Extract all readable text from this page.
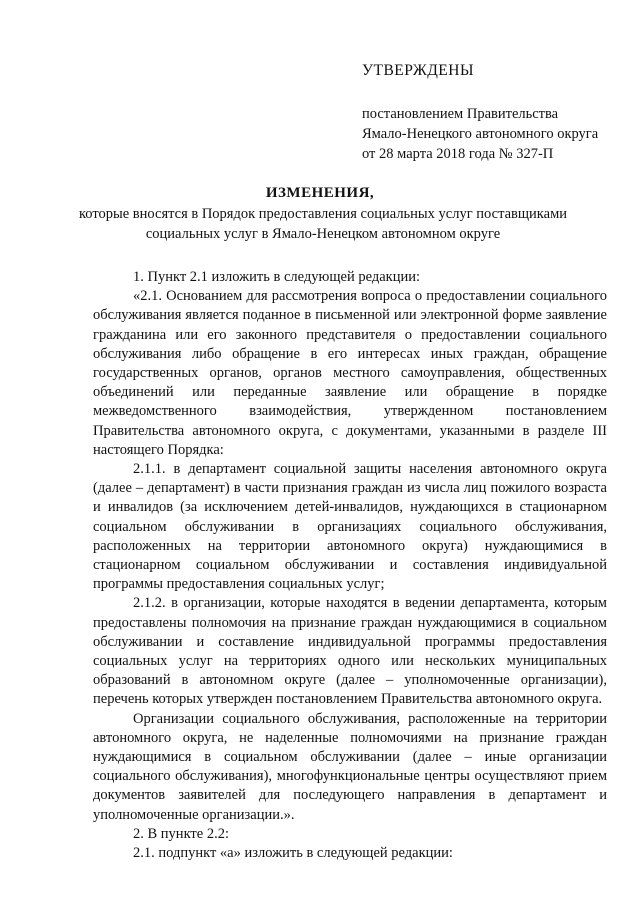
УТВЕРЖДЕНЫ
постановлением Правительства
Ямало-Ненецкого автономного округа
от 28 марта 2018 года № 327-П
ИЗМЕНЕНИЯ,
которые вносятся в Порядок предоставления социальных услуг поставщиками социальных услуг в Ямало-Ненецком автономном округе

1. Пункт 2.1 изложить в следующей редакции:

«2.1. Основанием для рассмотрения вопроса о предоставлении социального обслуживания является поданное в письменной или электронной форме заявление гражданина или его законного представителя о предоставлении социального обслуживания либо обращение в его интересах иных граждан, обращение государственных органов, органов местного самоуправления, общественных объединений или переданные заявление или обращение в порядке межведомственного взаимодействия, утвержденном постановлением Правительства автономного округа, с документами, указанными в разделе III настоящего Порядка:

2.1.1. в департамент социальной защиты населения автономного округа (далее – департамент) в части признания граждан из числа лиц пожилого возраста и инвалидов (за исключением детей-инвалидов, нуждающихся в стационарном социальном обслуживании в организациях социального обслуживания, расположенных на территории автономного округа) нуждающимися в стационарном социальном обслуживании и составления индивидуальной программы предоставления социальных услуг;

2.1.2. в организации, которые находятся в ведении департамента, которым предоставлены полномочия на признание граждан нуждающимися в социальном обслуживании и составление индивидуальной программы предоставления социальных услуг на территориях одного или нескольких муниципальных образований в автономном округе (далее – уполномоченные организации), перечень которых утвержден постановлением Правительства автономного округа.

Организации социального обслуживания, расположенные на территории автономного округа, не наделенные полномочиями на признание граждан нуждающимися в социальном обслуживании (далее – иные организации социального обслуживания), многофункциональные центры осуществляют прием документов заявителей для последующего направления в департамент и уполномоченные организации.».

2. В пункте 2.2:

2.1. подпункт «а» изложить в следующей редакции:
